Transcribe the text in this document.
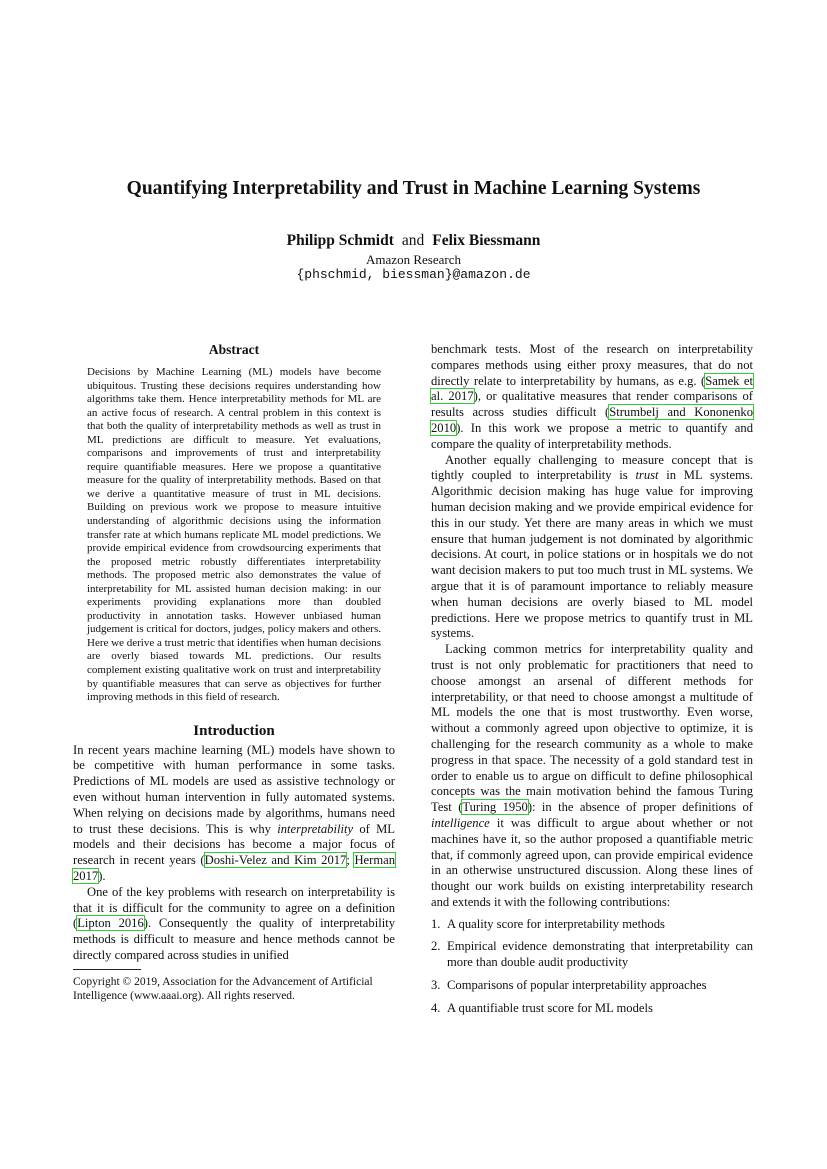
Quantifying Interpretability and Trust in Machine Learning Systems
Philipp Schmidt and Felix Biessmann
Amazon Research
{phschmid, biessman}@amazon.de
Abstract

Decisions by Machine Learning (ML) models have become ubiquitous. Trusting these decisions requires understanding how algorithms take them. Hence interpretability methods for ML are an active focus of research. A central problem in this context is that both the quality of interpretability methods as well as trust in ML predictions are difficult to measure. Yet evaluations, comparisons and improvements of trust and interpretability require quantifiable measures. Here we propose a quantitative measure for the quality of interpretability methods. Based on that we derive a quantitative measure of trust in ML decisions. Building on previous work we propose to measure intuitive understanding of algorithmic decisions using the information transfer rate at which humans replicate ML model predictions. We provide empirical evidence from crowdsourcing experiments that the proposed metric robustly differentiates interpretability methods. The proposed metric also demonstrates the value of interpretability for ML assisted human decision making: in our experiments providing explanations more than doubled productivity in annotation tasks. However unbiased human judgement is critical for doctors, judges, policy makers and others. Here we derive a trust metric that identifies when human decisions are overly biased towards ML predictions. Our results complement existing qualitative work on trust and interpretability by quantifiable measures that can serve as objectives for further improving methods in this field of research.

Introduction

In recent years machine learning (ML) models have shown to be competitive with human performance in some tasks. Predictions of ML models are used as assistive technology or even without human intervention in fully automated systems. When relying on decisions made by algorithms, humans need to trust these decisions. This is why interpretability of ML models and their decisions has become a major focus of research in recent years (Doshi-Velez and Kim 2017; Herman 2017).

One of the key problems with research on interpretability is that it is difficult for the community to agree on a definition (Lipton 2016). Consequently the quality of interpretability methods is difficult to measure and hence methods cannot be directly compared across studies in unified

Copyright © 2019, Association for the Advancement of Artificial Intelligence (www.aaai.org). All rights reserved.

benchmark tests. Most of the research on interpretability compares methods using either proxy measures, that do not directly relate to interpretability by humans, as e.g. (Samek et al. 2017), or qualitative measures that render comparisons of results across studies difficult (Strumbelj and Kononenko 2010). In this work we propose a metric to quantify and compare the quality of interpretability methods.

Another equally challenging to measure concept that is tightly coupled to interpretability is trust in ML systems. Algorithmic decision making has huge value for improving human decision making and we provide empirical evidence for this in our study. Yet there are many areas in which we must ensure that human judgement is not dominated by algorithmic decisions. At court, in police stations or in hospitals we do not want decision makers to put too much trust in ML systems. We argue that it is of paramount importance to reliably measure when human decisions are overly biased to ML model predictions. Here we propose metrics to quantify trust in ML systems.

Lacking common metrics for interpretability quality and trust is not only problematic for practitioners that need to choose amongst an arsenal of different methods for interpretability, or that need to choose amongst a multitude of ML models the one that is most trustworthy. Even worse, without a commonly agreed upon objective to optimize, it is challenging for the research community as a whole to make progress in that space. The necessity of a gold standard test in order to enable us to argue on difficult to define philosophical concepts was the main motivation behind the famous Turing Test (Turing 1950): in the absence of proper definitions of intelligence it was difficult to argue about whether or not machines have it, so the author proposed a quantifiable metric that, if commonly agreed upon, can provide empirical evidence in an otherwise unstructured discussion. Along these lines of thought our work builds on existing interpretability research and extends it with the following contributions:

1. A quality score for interpretability methods
2. Empirical evidence demonstrating that interpretability can more than double audit productivity
3. Comparisons of popular interpretability approaches
4. A quantifiable trust score for ML models
